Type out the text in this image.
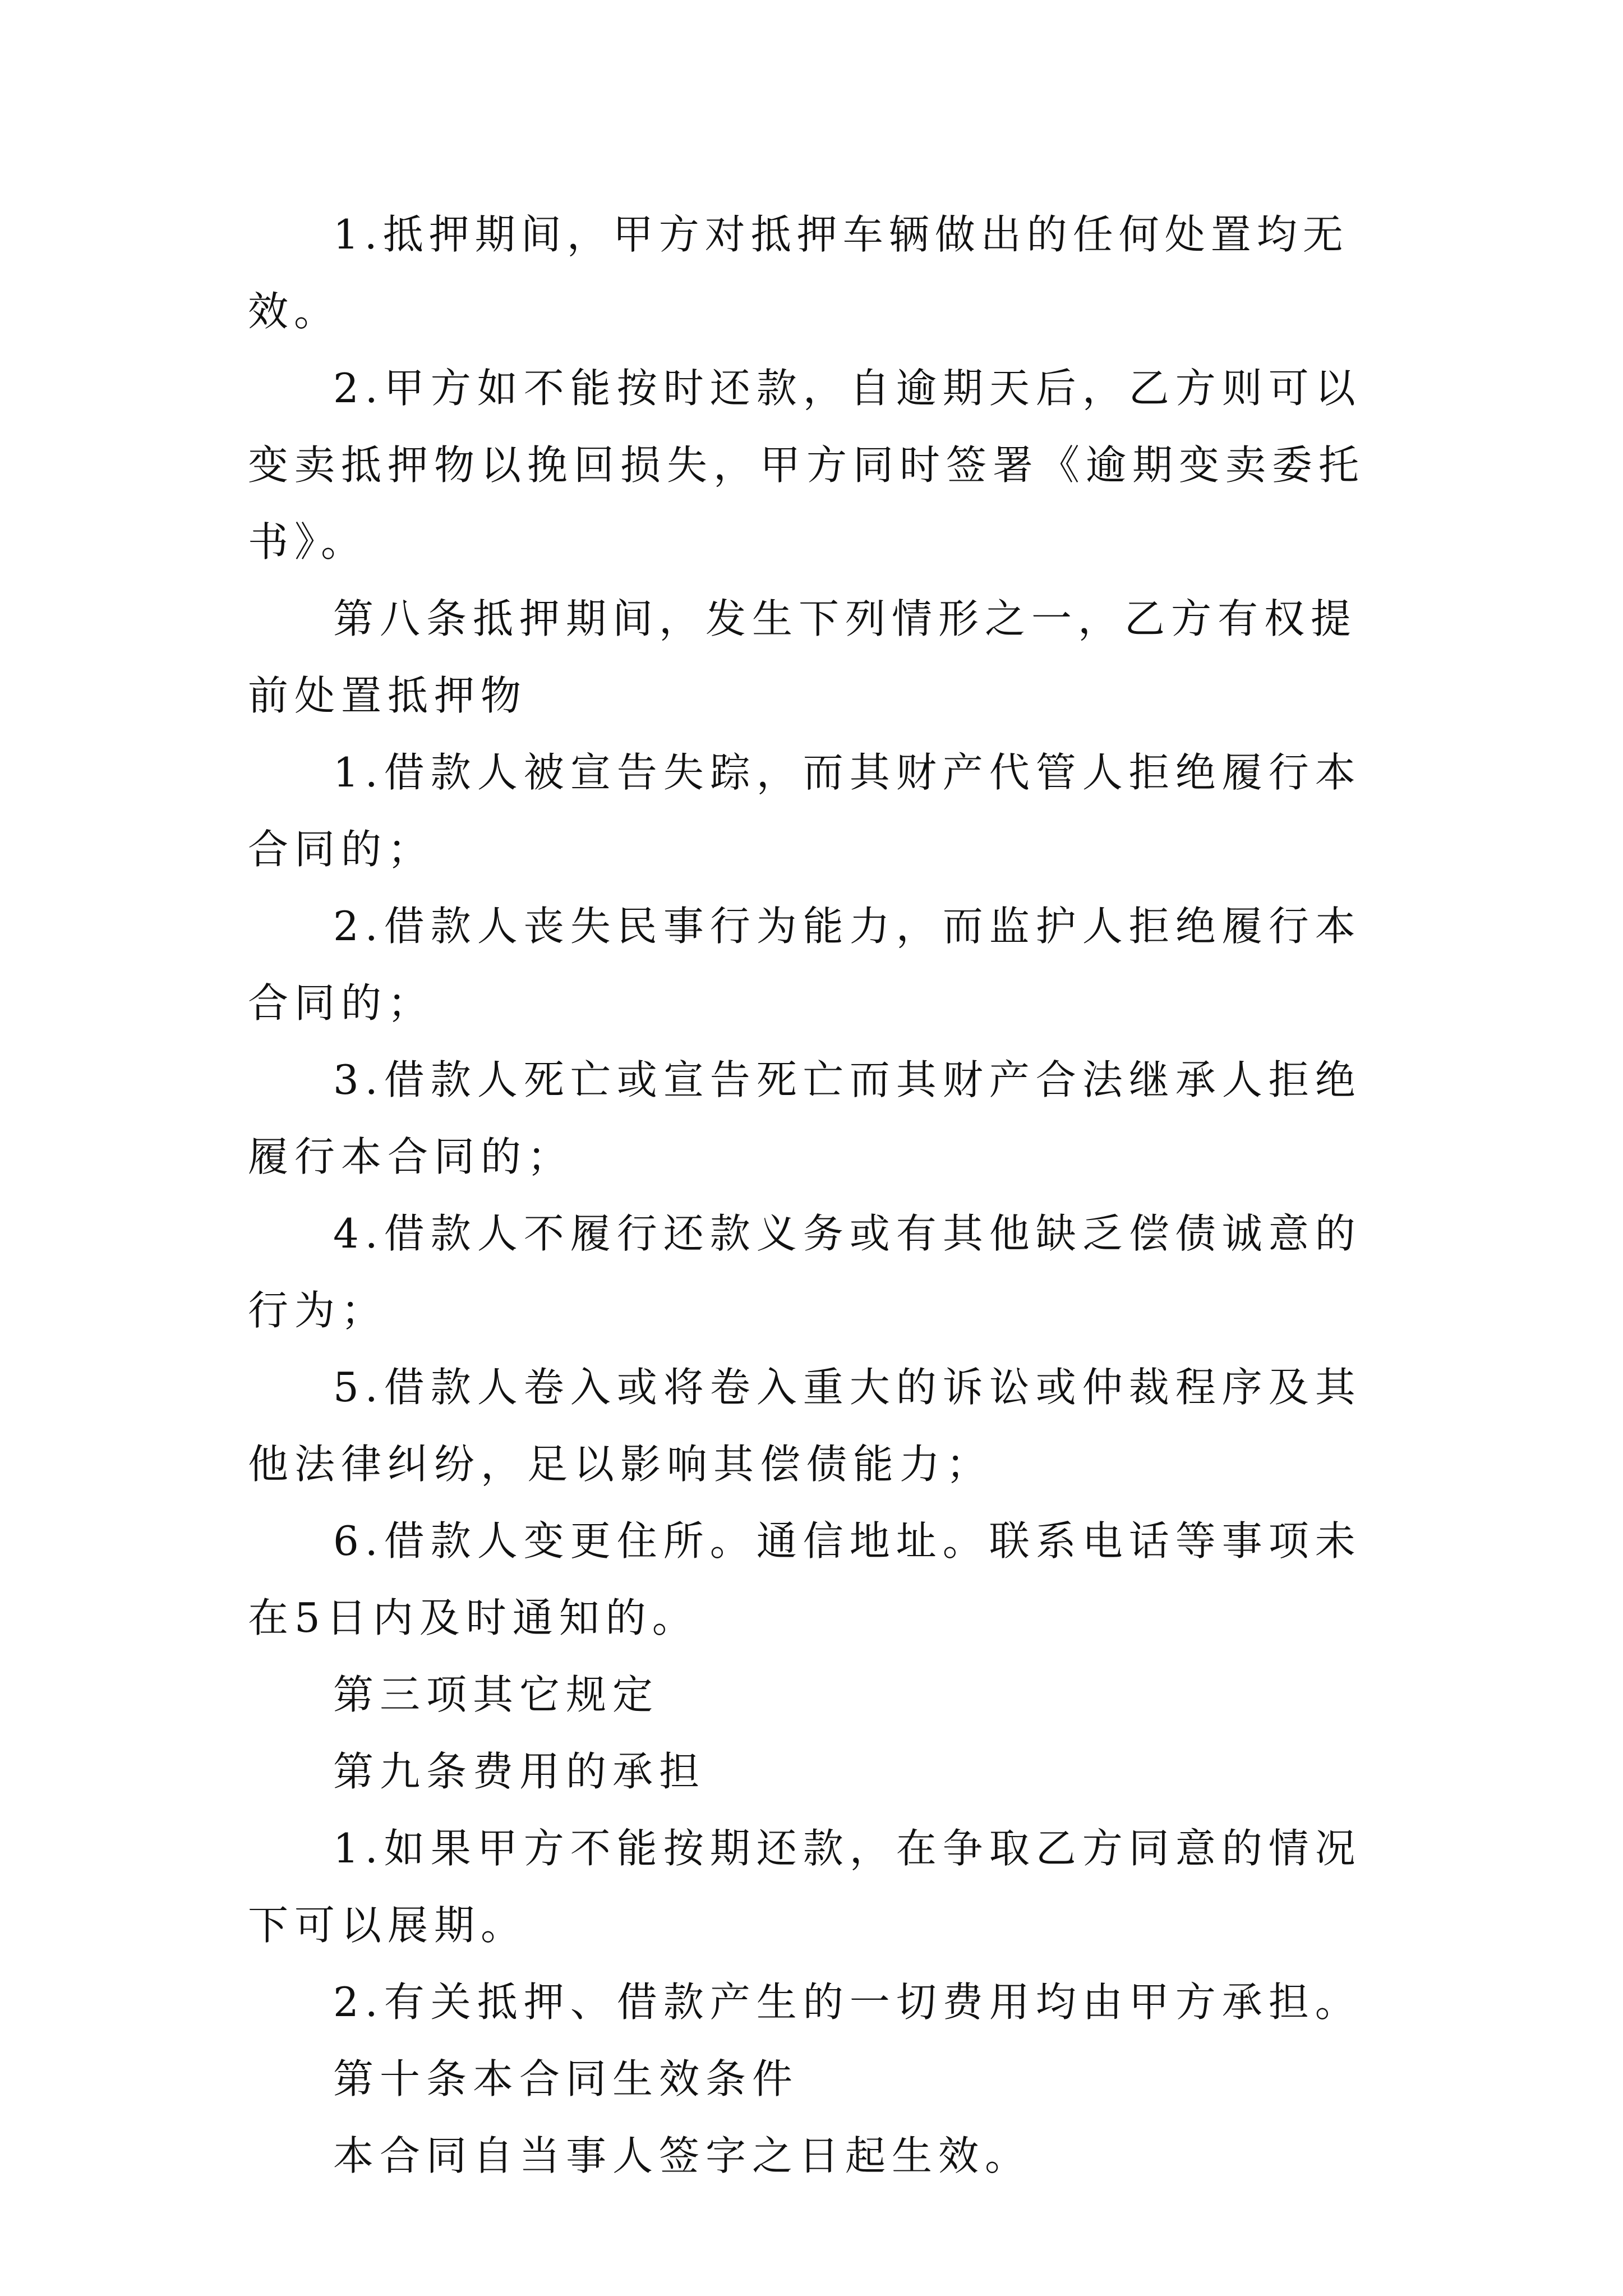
1.抵押期间，甲方对抵押车辆做出的任何处置均无效。

2.甲方如不能按时还款，自逾期天后，乙方则可以变卖抵押物以挽回损失，甲方同时签署《逾期变卖委托书》。

第八条抵押期间，发生下列情形之一，乙方有权提前处置抵押物

1.借款人被宣告失踪，而其财产代管人拒绝履行本合同的；

2.借款人丧失民事行为能力，而监护人拒绝履行本合同的；

3.借款人死亡或宣告死亡而其财产合法继承人拒绝履行本合同的；

4.借款人不履行还款义务或有其他缺乏偿债诚意的行为；

5.借款人卷入或将卷入重大的诉讼或仲裁程序及其他法律纠纷，足以影响其偿债能力；

6.借款人变更住所。通信地址。联系电话等事项未在5日内及时通知的。

第三项其它规定

第九条费用的承担

1.如果甲方不能按期还款，在争取乙方同意的情况下可以展期。

2.有关抵押、借款产生的一切费用均由甲方承担。

第十条本合同生效条件

本合同自当事人签字之日起生效。
